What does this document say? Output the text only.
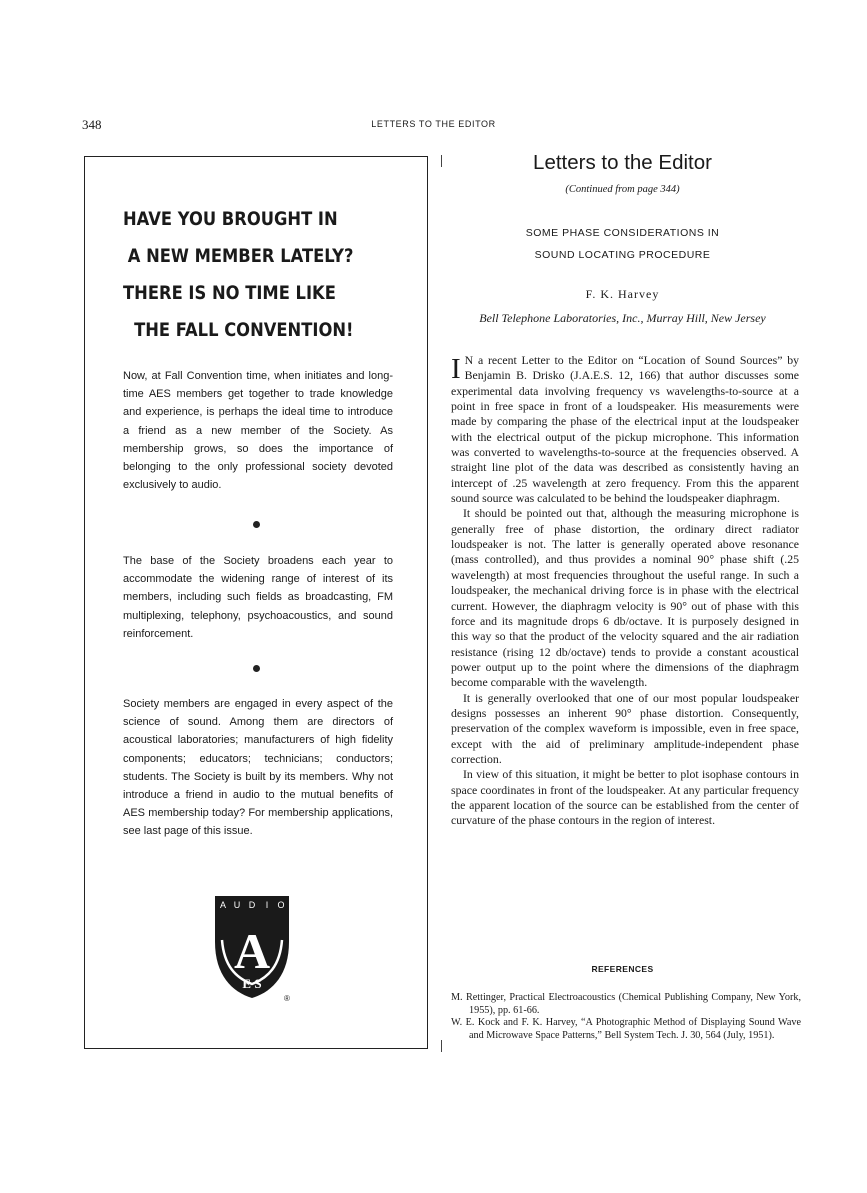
348	LETTERS TO THE EDITOR
HAVE YOU BROUGHT IN
A NEW MEMBER LATELY?
THERE IS NO TIME LIKE
THE FALL CONVENTION!

Now, at Fall Convention time, when initiates and long-time AES members get together to trade knowledge and experience, is perhaps the ideal time to introduce a friend as a new member of the Society. As membership grows, so does the importance of belonging to the only professional society devoted exclusively to audio.

The base of the Society broadens each year to accommodate the widening range of interest of its members, including such fields as broadcasting, FM multiplexing, telephony, psychoacoustics, and sound reinforcement.

Society members are engaged in every aspect of the science of sound. Among them are directors of acoustical laboratories; manufacturers of high fidelity components; educators; technicians; conductors; students. The Society is built by its members. Why not introduce a friend in audio to the mutual benefits of AES membership today? For membership applications, see last page of this issue.

A U D I O
A
E S
®
Letters to the Editor
(Continued from page 344)
SOME PHASE CONSIDERATIONS IN
SOUND LOCATING PROCEDURE
F. K. Harvey
Bell Telephone Laboratories, Inc., Murray Hill, New Jersey
I N a recent Letter to the Editor on “Location of Sound Sources” by Benjamin B. Drisko (J.A.E.S. 12, 166) that author discusses some experimental data involving frequency vs wavelengths-to-source at a point in free space in front of a loudspeaker. His measurements were made by comparing the phase of the electrical input at the loudspeaker with the electrical output of the pickup microphone. This information was converted to wavelengths-to-source at the frequencies observed. A straight line plot of the data was described as consistently having an intercept of .25 wavelength at zero frequency. From this the apparent sound source was calculated to be behind the loudspeaker diaphragm.
It should be pointed out that, although the measuring microphone is generally free of phase distortion, the ordinary direct radiator loudspeaker is not. The latter is generally operated above resonance (mass controlled), and thus provides a nominal 90° phase shift (.25 wavelength) at most frequencies throughout the useful range. In such a loudspeaker, the mechanical driving force is in phase with the electrical current. However, the diaphragm velocity is 90° out of phase with this force and its magnitude drops 6 db/octave. It is purposely designed in this way so that the product of the velocity squared and the air radiation resistance (rising 12 db/octave) tends to provide a constant acoustical power output up to the point where the dimensions of the diaphragm become comparable with the wavelength.
It is generally overlooked that one of our most popular loudspeaker designs possesses an inherent 90° phase distortion. Consequently, preservation of the complex waveform is impossible, even in free space, except with the aid of preliminary amplitude-independent phase correction.
In view of this situation, it might be better to plot isophase contours in space coordinates in front of the loudspeaker. At any particular frequency the apparent location of the source can be established from the center of curvature of the phase contours in the region of interest.
REFERENCES
M. Rettinger, Practical Electroacoustics (Chemical Publishing Company, New York, 1955), pp. 61-66.
W. E. Kock and F. K. Harvey, “A Photographic Method of Displaying Sound Wave and Microwave Space Patterns,” Bell System Tech. J. 30, 564 (July, 1951).
